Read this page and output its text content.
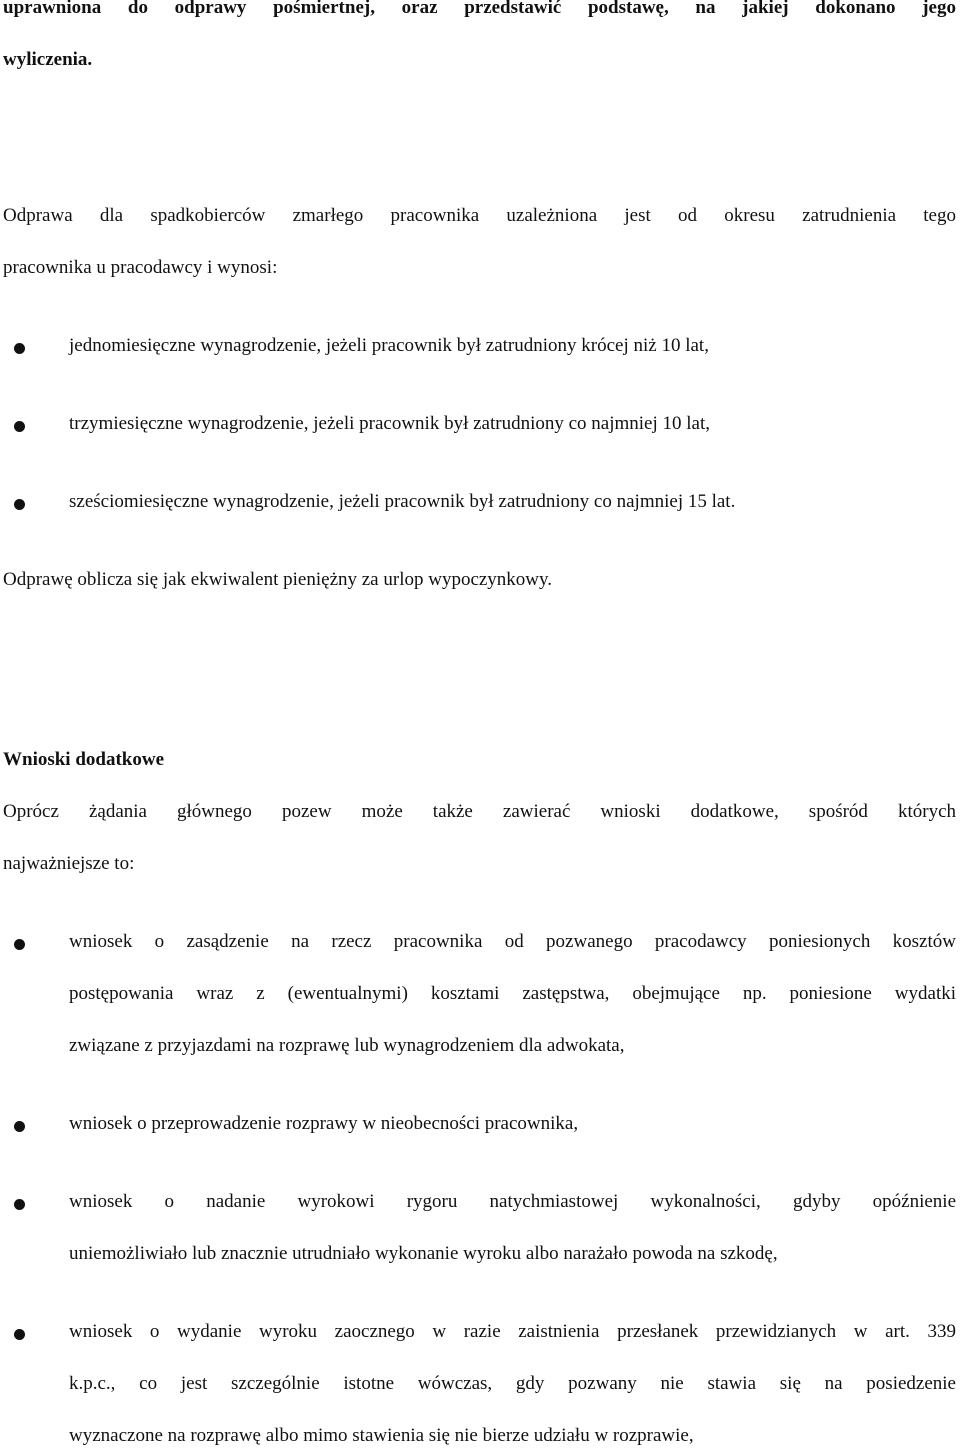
uprawniona do odprawy pośmiertnej, oraz przedstawić podstawę, na jakiej dokonano jego
wyliczenia.
Odprawa dla spadkobierców zmarłego pracownika uzależniona jest od okresu zatrudnienia tego
pracownika u pracodawcy i wynosi:
jednomiesięczne wynagrodzenie, jeżeli pracownik był zatrudniony krócej niż 10 lat,
trzymiesięczne wynagrodzenie, jeżeli pracownik był zatrudniony co najmniej 10 lat,
sześciomiesięczne wynagrodzenie, jeżeli pracownik był zatrudniony co najmniej 15 lat.
Odprawę oblicza się jak ekwiwalent pieniężny za urlop wypoczynkowy.
Wnioski dodatkowe
Oprócz żądania głównego pozew może także zawierać wnioski dodatkowe, spośród których
najważniejsze to:
wniosek o zasądzenie na rzecz pracownika od pozwanego pracodawcy poniesionych kosztów
postępowania wraz z (ewentualnymi) kosztami zastępstwa, obejmujące np. poniesione wydatki
związane z przyjazdami na rozprawę lub wynagrodzeniem dla adwokata,
wniosek o przeprowadzenie rozprawy w nieobecności pracownika,
wniosek o nadanie wyrokowi rygoru natychmiastowej wykonalności, gdyby opóźnienie
uniemożliwiało lub znacznie utrudniało wykonanie wyroku albo narażało powoda na szkodę,
wniosek o wydanie wyroku zaocznego w razie zaistnienia przesłanek przewidzianych w art. 339
k.p.c., co jest szczególnie istotne wówczas, gdy pozwany nie stawia się na posiedzenie
wyznaczone na rozprawę albo mimo stawienia się nie bierze udziału w rozprawie,
